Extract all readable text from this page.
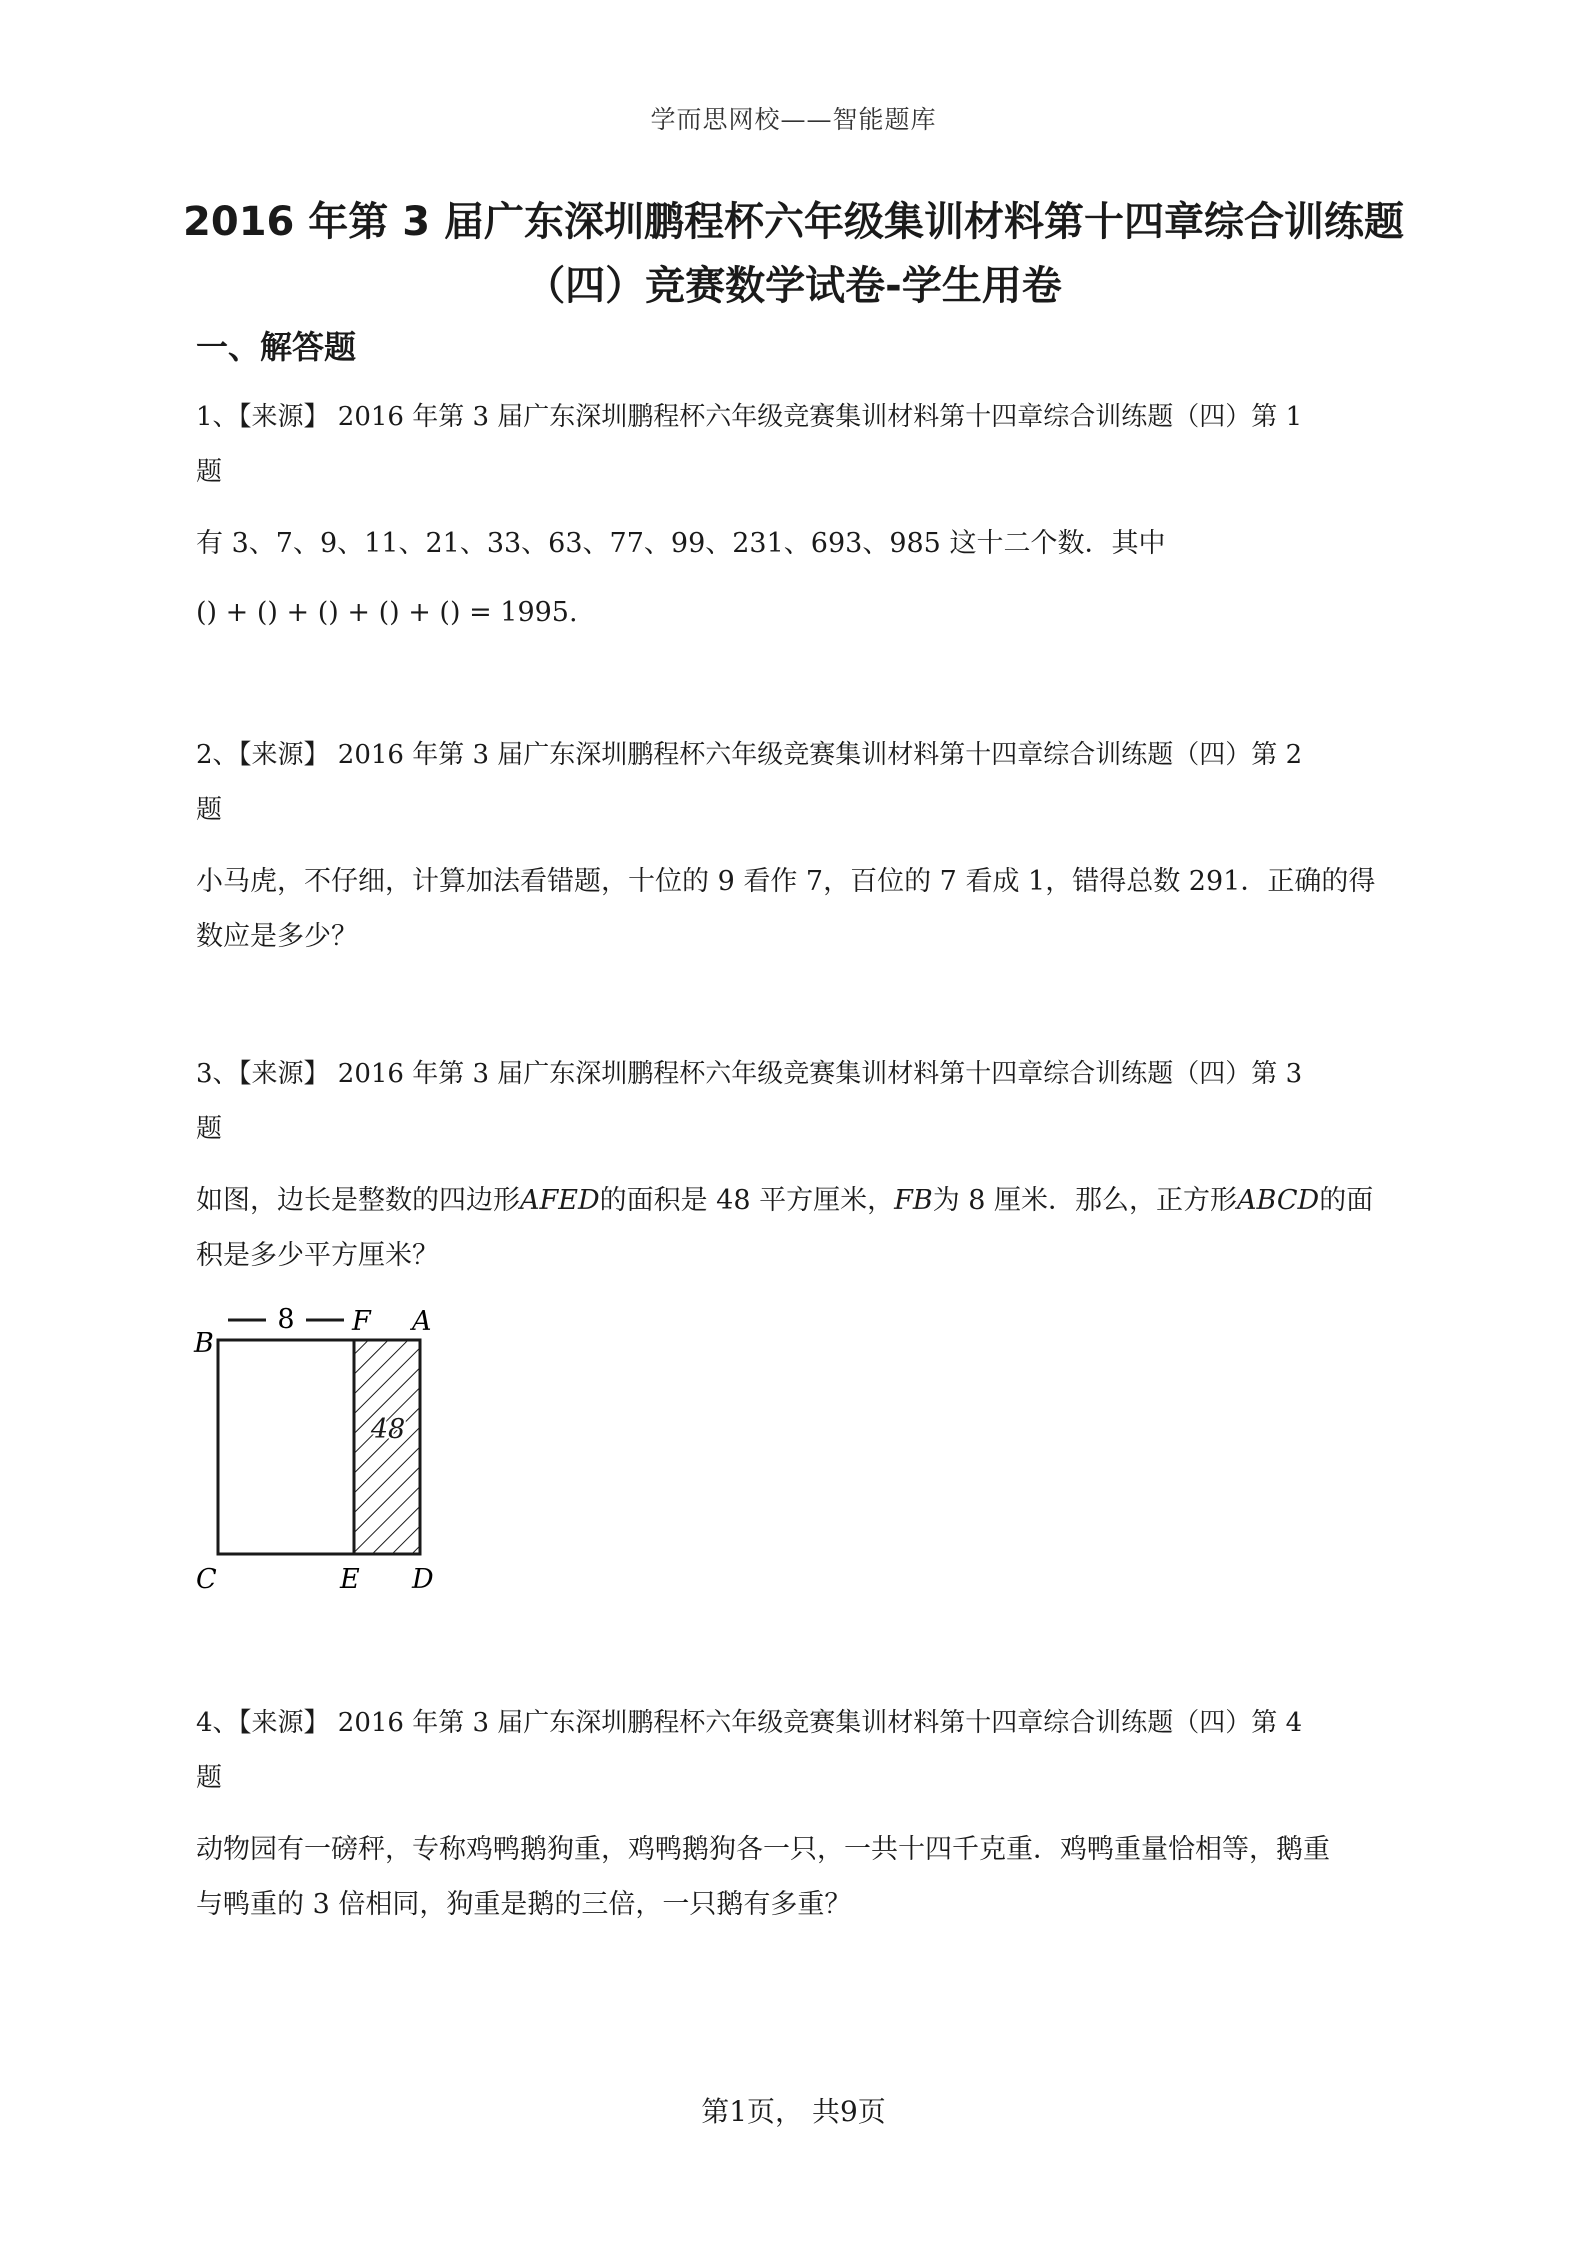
学而思网校——智能题库
2016 年第 3 届广东深圳鹏程杯六年级集训材料第十四章综合训练题
（四）竞赛数学试卷-学生用卷
一、解答题

1、【来源】 2016 年第 3 届广东深圳鹏程杯六年级竞赛集训材料第十四章综合训练题（四）第 1
题

有 3、7、9、11、21、33、63、77、99、231、693、985 这十二个数．其中

() + () + () + () + () = 1995.

2、【来源】 2016 年第 3 届广东深圳鹏程杯六年级竞赛集训材料第十四章综合训练题（四）第 2
题

小马虎，不仔细，计算加法看错题，十位的 9 看作 7，百位的 7 看成 1，错得总数 291．正确的得
数应是多少？

3、【来源】 2016 年第 3 届广东深圳鹏程杯六年级竞赛集训材料第十四章综合训练题（四）第 3
题

如图，边长是整数的四边形AFED的面积是 48 平方厘米，FB为 8 厘米．那么，正方形ABCD的面
积是多少平方厘米？

8
B
F A
C	E D
48

4、【来源】 2016 年第 3 届广东深圳鹏程杯六年级竞赛集训材料第十四章综合训练题（四）第 4
题

动物园有一磅秤，专称鸡鸭鹅狗重，鸡鸭鹅狗各一只，一共十四千克重．鸡鸭重量恰相等，鹅重
与鸭重的 3 倍相同，狗重是鹅的三倍，一只鹅有多重？

第1页， 共9页
